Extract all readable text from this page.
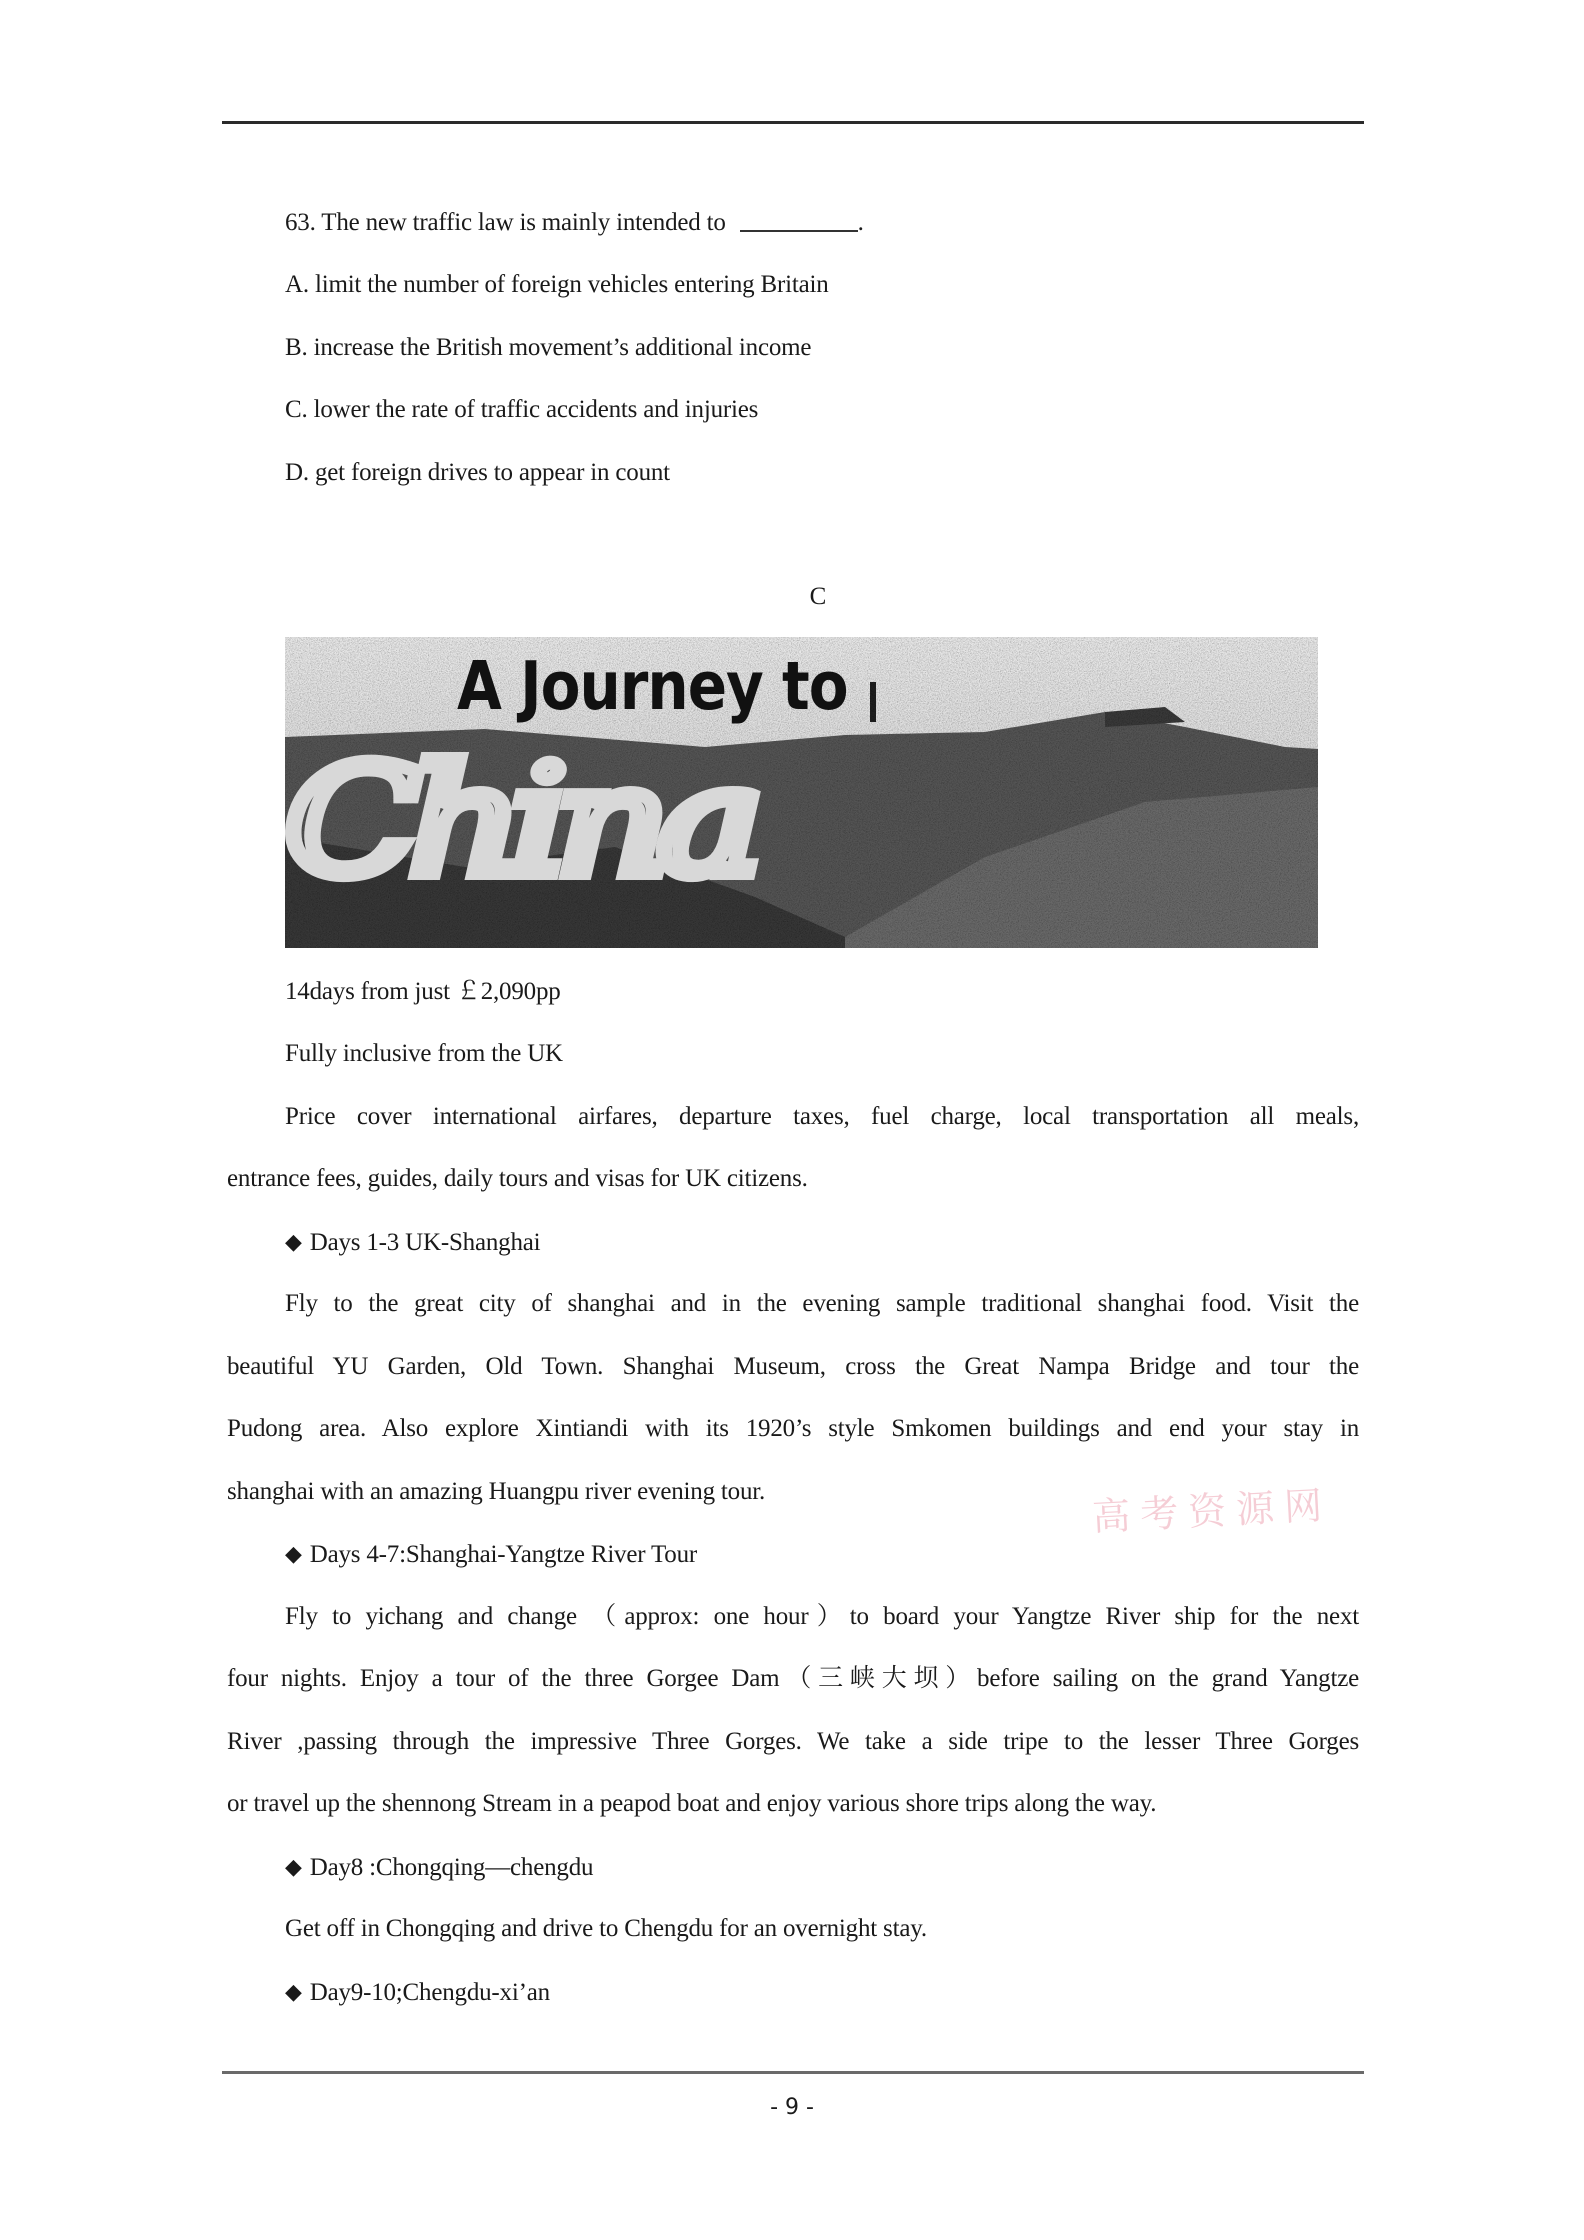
63. The new traffic law is mainly intended to	.
A. limit the number of foreign vehicles entering Britain
B. increase the British movement’s additional income
C. lower the rate of traffic accidents and injuries
D. get foreign drives to appear in count
C
A Journey to
China
14days from just ￡2,090pp
Fully inclusive from the UK
Price cover international airfares, departure taxes, fuel charge, local transportation all meals,
entrance fees, guides, daily tours and visas for UK citizens.
◆ Days 1-3 UK-Shanghai
Fly to the great city of shanghai and in the evening sample traditional shanghai food. Visit the
beautiful YU Garden, Old Town. Shanghai Museum, cross the Great Nampa Bridge and tour the
Pudong area. Also explore Xintiandi with its 1920’s style Smkomen buildings and end your stay in
shanghai with an amazing Huangpu river evening tour.	高考资源网
◆ Days 4-7:Shanghai-Yangtze River Tour
Fly to yichang and change （approx: one hour）to board your Yangtze River ship for the next
four nights. Enjoy a tour of the three Gorgee Dam（三峡大坝）before sailing on the grand Yangtze
River ,passing through the impressive Three Gorges. We take a side tripe to the lesser Three Gorges
or travel up the shennong Stream in a peapod boat and enjoy various shore trips along the way.
◆ Day8 :Chongqing—chengdu
Get off in Chongqing and drive to Chengdu for an overnight stay.
◆ Day9-10;Chengdu-xi’an
- 9 -
